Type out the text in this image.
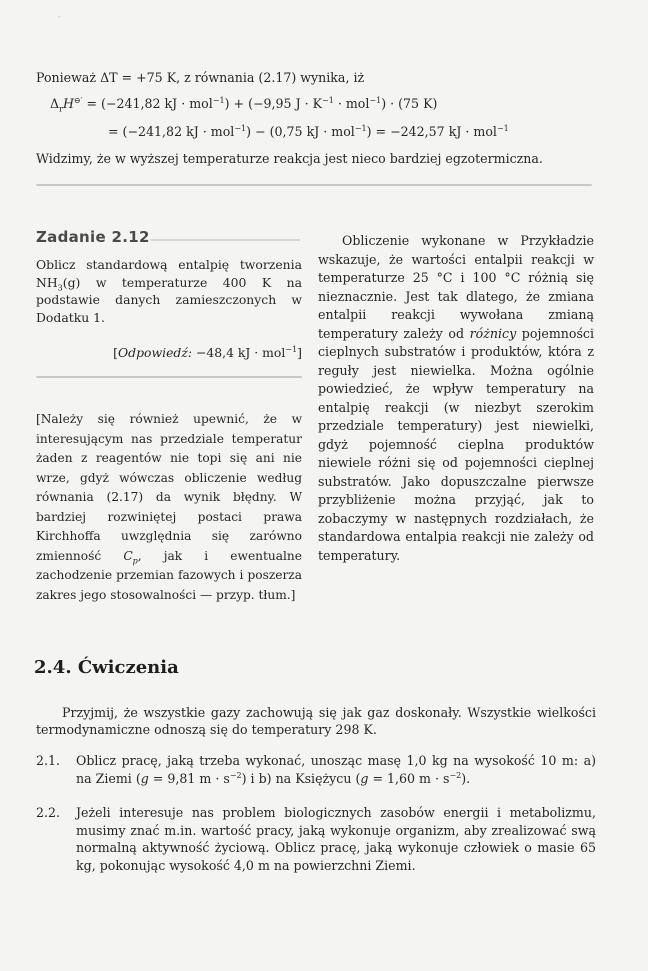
-
Ponieważ ΔT = +75 K, z równania (2.17) wynika, iż
$\Delta_rH^{⊖'} = (-241,82$ kJ · mol$^{-1}$) + (−9,95 $J \cdot K^{-1} \cdot mol^{-1}) \cdot (75$ K)
= (−241,82 kJ · mol$^{-1}$) − (0,75 kJ · mol$^{-1}$) = −242,57 kJ · mol$^{-1}$
Widzimy, że w wyższej temperaturze reakcja jest nieco bardziej egzotermiczna.
Zadanie 2.12
Oblicz standardową entalpię tworzenia $NH_3(g)$ w temperaturze 400 K na podstawie danych zamieszczonych w Dodatku 1.
[Odpowiedź: −48,4 kJ · mol$^{-1}$]
[Należy się również upewnić, że w interesującym nas przedziale temperatur żaden z reagentów nie topi się ani nie wrze, gdyż wówczas obliczenie według równania (2.17) da wynik błędny. W bardziej rozwiniętej postaci prawa Kirchhoffa uwzględnia się zarówno zmienność $C_p$, jak i ewentualne zachodzenie przemian fazowych i poszerza zakres jego stosowalności — przyp. tłum.]

Obliczenie wykonane w Przykładzie wskazuje, że wartości entalpii reakcji w temperaturze 25 °C i 100 °C różnią się nieznacznie. Jest tak dlatego, że zmiana entalpii reakcji wywołana zmianą temperatury zależy od różnicy pojemności cieplnych substratów i produktów, która z reguły jest niewielka. Można ogólnie powiedzieć, że wpływ temperatury na entalpię reakcji (w niezbyt szerokim przedziale temperatury) jest niewielki, gdyż pojemność cieplna produktów niewiele różni się od pojemności cieplnej substratów. Jako dopuszczalne pierwsze przybliżenie można przyjąć, jak to zobaczymy w następnych rozdziałach, że standardowa entalpia reakcji nie zależy od temperatury.

2.4. Ćwiczenia
Przyjmij, że wszystkie gazy zachowują się jak gaz doskonały. Wszystkie wielkości termodynamiczne odnoszą się do temperatury 298 K.
2.1. Oblicz pracę, jaką trzeba wykonać, unosząc masę 1,0 kg na wysokość 10 m: a) na Ziemi (g = 9,81 $m \cdot s^{-2}$) i b) na Księżycu (g = 1,60 $m \cdot s^{-2}$).
2.2. Jeżeli interesuje nas problem biologicznych zasobów energii i metabolizmu, musimy znać m.in. wartość pracy, jaką wykonuje organizm, aby zrealizować swą normalną aktywność życiową. Oblicz pracę, jaką wykonuje człowiek o masie 65 kg, pokonując wysokość 4,0 m na powierzchni Ziemi.
